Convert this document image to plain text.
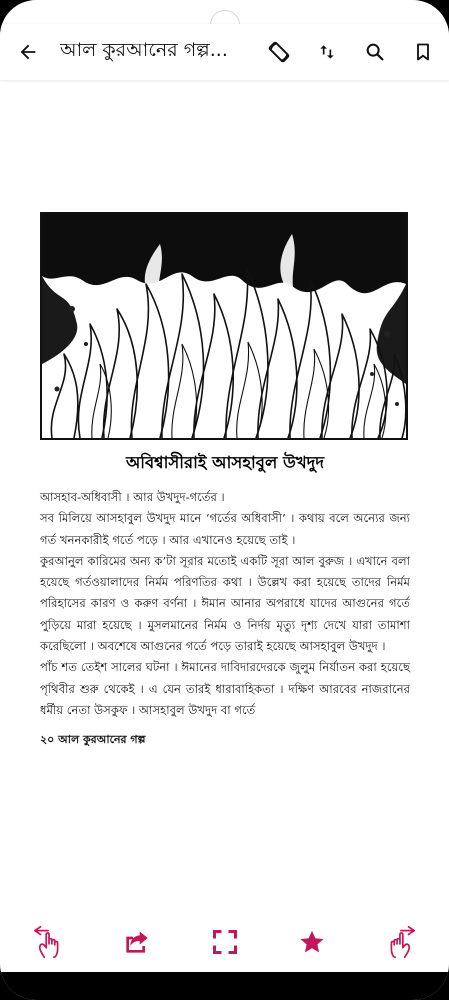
আল কুরআনের গল্প...
অবিশ্বাসীরাই আসহাবুল উখদুদ

আসহাব-অধিবাসী । আর উখদুদ-গর্তের ।

সব মিলিয়ে আসহাবুল উখদুদ মানে ‘গর্তের অধিবাসী’ । কথায় বলে অন্যের জন্য গর্ত খননকারীই গর্তে পড়ে । আর এখানেও হয়েছে তাই ।

কুরআনুল কারিমের অন্য ক’টা সূরার মতোই একটি সূরা আল বুরুজ । এখানে বলা হয়েছে গর্তওয়ালাদের নির্মম পরিণতির কথা । উল্লেখ করা হয়েছে তাদের নির্মম পরিহাসের কারণ ও করুণ বর্ণনা । ঈমান আনার অপরাধে যাদের আগুনের গর্তে পুড়িয়ে মারা হয়েছে । মুসলমানের নির্মম ও নির্দয় মৃত্যু দৃশ্য দেখে যারা তামাশা করেছিলো । অবশেষে আগুনের গর্তে পড়ে তারাই হয়েছে আসহাবুল উখদুদ ।

পাঁচ শত তেইশ সালের ঘটনা । ঈমানের দাবিদারদেরকে জুলুম নির্যাতন করা হয়েছে পৃথিবীর শুরু থেকেই । এ যেন তারই ধারাবাহিকতা । দক্ষিণ আরবের নাজরানের ধর্মীয় নেতা উসকুফ । আসহাবুল উখদুদ বা গর্তে

২০ আল কুরআনের গল্প
